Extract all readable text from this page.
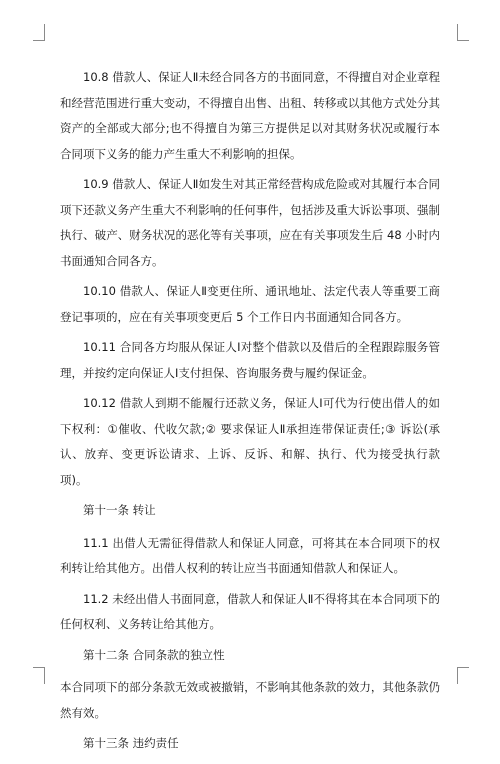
10.8 借款人、保证人Ⅱ未经合同各方的书面同意，不得擅自对企业章程和经营范围进行重大变动，不得擅自出售、出租、转移或以其他方式处分其资产的全部或大部分;也不得擅自为第三方提供足以对其财务状况或履行本合同项下义务的能力产生重大不利影响的担保。

10.9 借款人、保证人Ⅱ如发生对其正常经营构成危险或对其履行本合同项下还款义务产生重大不利影响的任何事件，包括涉及重大诉讼事项、强制执行、破产、财务状况的恶化等有关事项，应在有关事项发生后 48 小时内书面通知合同各方。

10.10 借款人、保证人Ⅱ变更住所、通讯地址、法定代表人等重要工商登记事项的，应在有关事项变更后 5 个工作日内书面通知合同各方。

10.11 合同各方均服从保证人Ⅰ对整个借款以及借后的全程跟踪服务管理，并按约定向保证人Ⅰ支付担保、咨询服务费与履约保证金。

10.12 借款人到期不能履行还款义务，保证人Ⅰ可代为行使出借人的如下权利：①催收、代收欠款;② 要求保证人Ⅱ承担连带保证责任;③ 诉讼(承认、放弃、变更诉讼请求、上诉、反诉、和解、执行、代为接受执行款项)。

第十一条 转让

11.1 出借人无需征得借款人和保证人同意，可将其在本合同项下的权利转让给其他方。出借人权利的转让应当书面通知借款人和保证人。

11.2 未经出借人书面同意，借款人和保证人Ⅱ不得将其在本合同项下的任何权利、义务转让给其他方。

第十二条 合同条款的独立性

本合同项下的部分条款无效或被撤销，不影响其他条款的效力，其他条款仍然有效。

第十三条 违约责任
